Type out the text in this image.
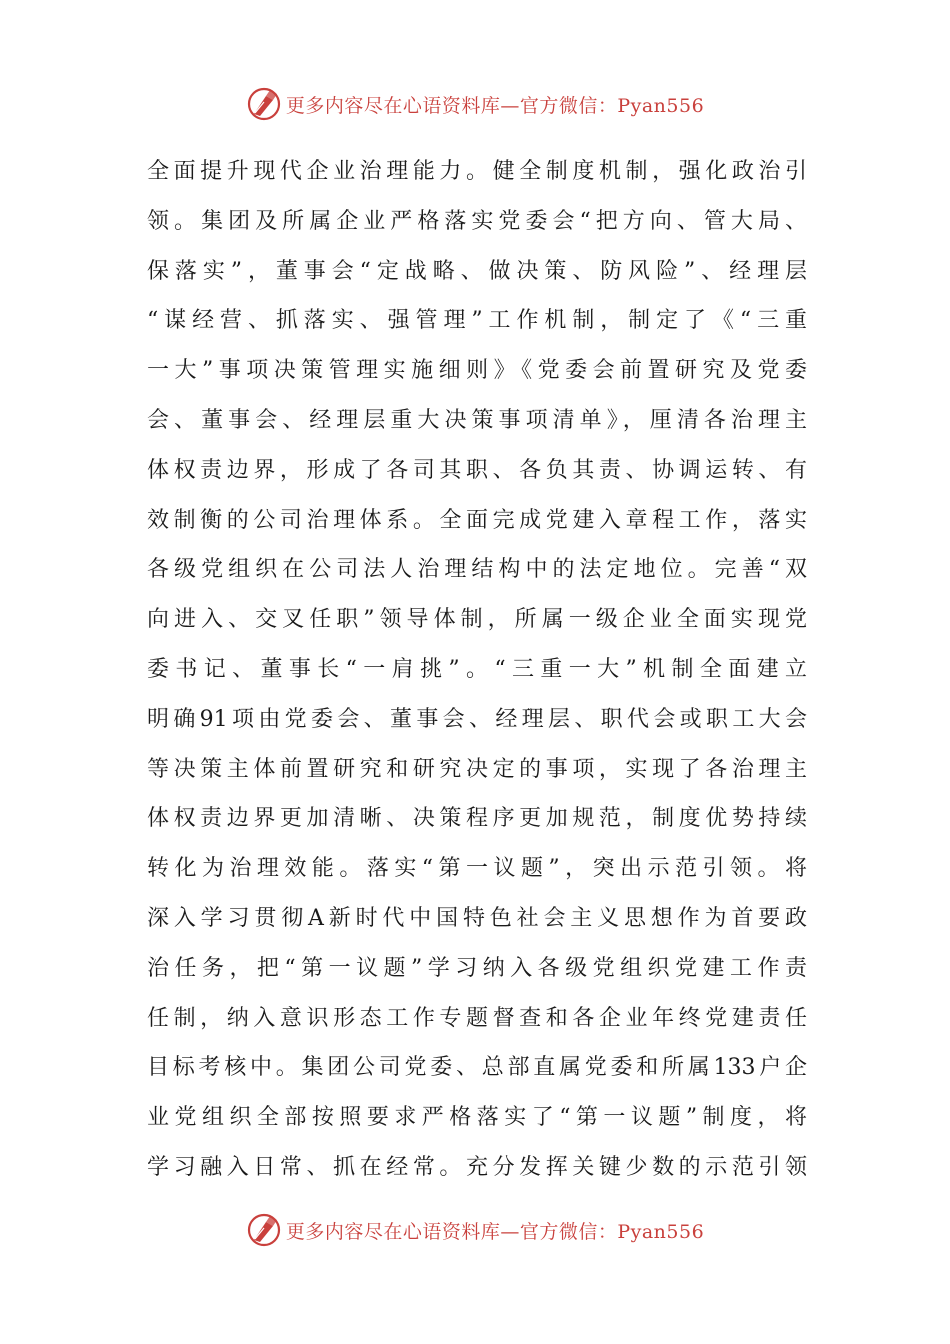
更多内容尽在心语资料库—官方微信：Pyan556
全面提升现代企业治理能力。健全制度机制，强化政治引
领。集团及所属企业严格落实党委会“把方向、管大局、
保落实”，董事会“定战略、做决策、防风险”、经理层
“谋经营、抓落实、强管理”工作机制，制定了《“三重
一大”事项决策管理实施细则》《党委会前置研究及党委
会、董事会、经理层重大决策事项清单》，厘清各治理主
体权责边界，形成了各司其职、各负其责、协调运转、有
效制衡的公司治理体系。全面完成党建入章程工作，落实
各级党组织在公司法人治理结构中的法定地位。完善“双
向进入、交叉任职”领导体制，所属一级企业全面实现党
委书记、董事长“一肩挑”。“三重一大”机制全面建立
明确91项由党委会、董事会、经理层、职代会或职工大会
等决策主体前置研究和研究决定的事项，实现了各治理主
体权责边界更加清晰、决策程序更加规范，制度优势持续
转化为治理效能。落实“第一议题”，突出示范引领。将
深入学习贯彻A新时代中国特色社会主义思想作为首要政
治任务，把“第一议题”学习纳入各级党组织党建工作责
任制，纳入意识形态工作专题督查和各企业年终党建责任
目标考核中。集团公司党委、总部直属党委和所属133户企
业党组织全部按照要求严格落实了“第一议题”制度，将
学习融入日常、抓在经常。充分发挥关键少数的示范引领
更多内容尽在心语资料库—官方微信：Pyan556
